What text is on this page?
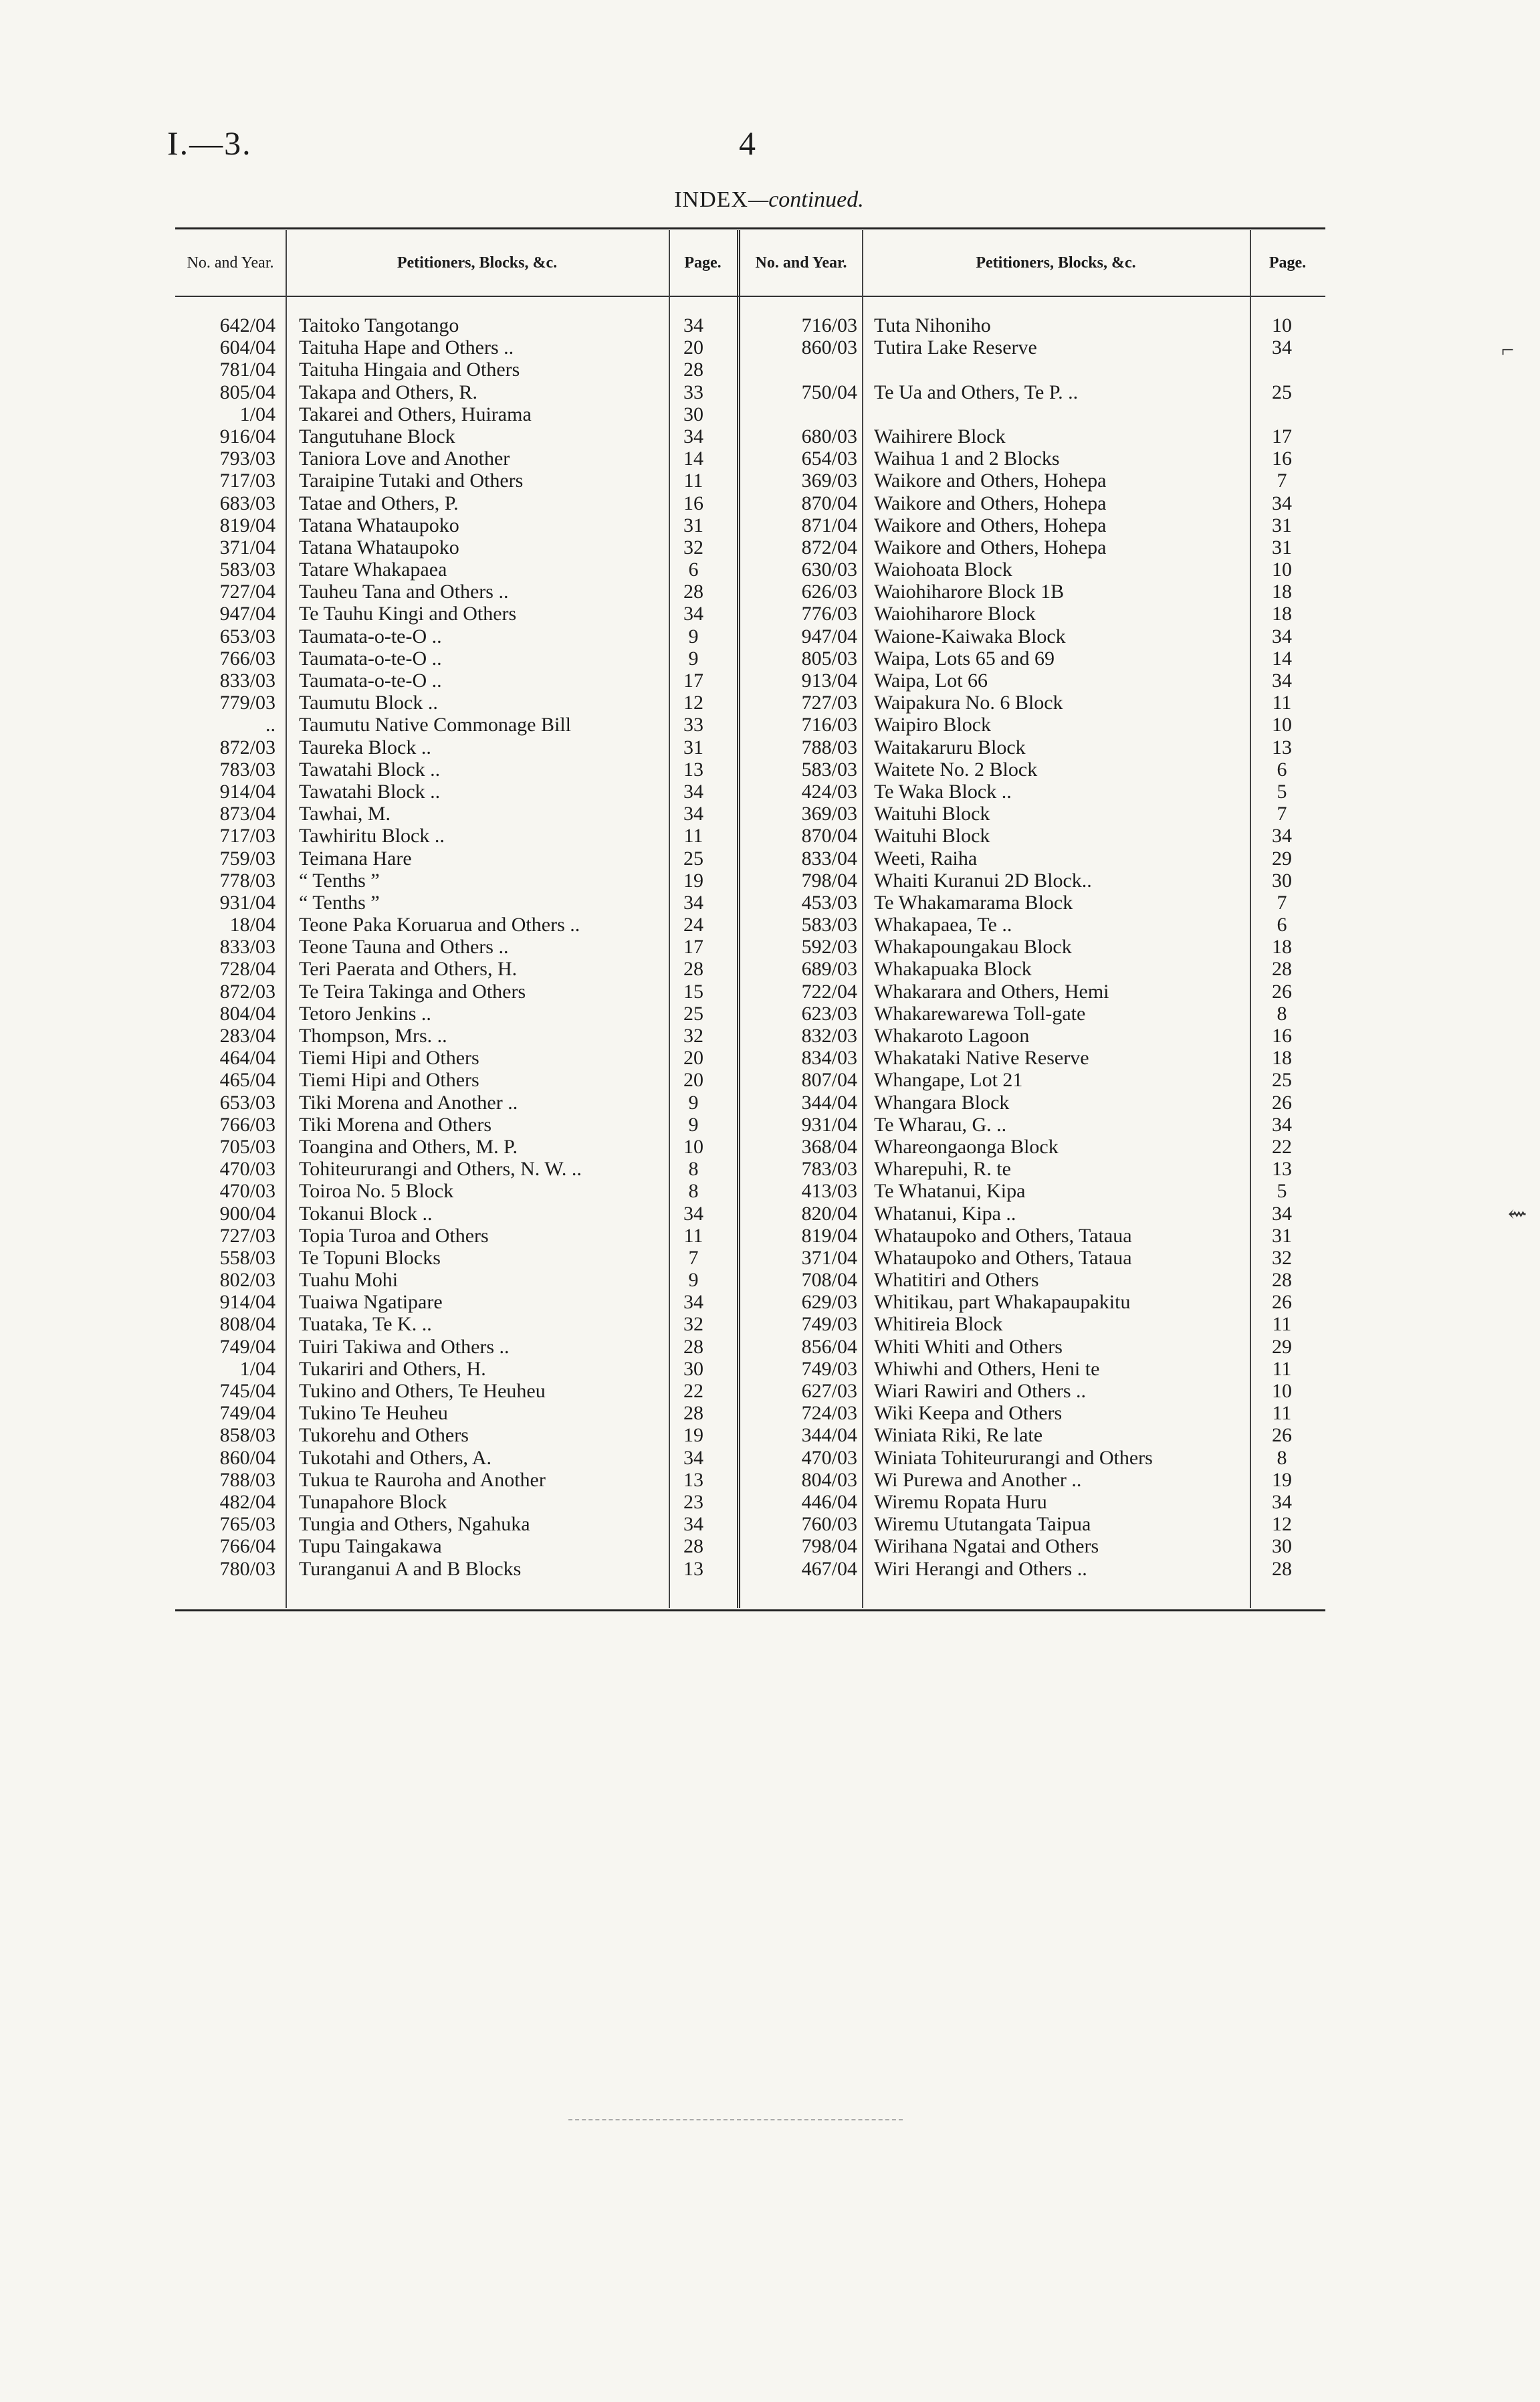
I.—3.	4
INDEX—continued.
No. and Year.	Petitioners, Blocks, &c.	Page.	No. and Year.	Petitioners, Blocks, &c.	Page.
642/04 Taitoko Tangotango	34	716/03 Tuta Nihoniho	10
604/04 Taituha Hape and Others ..	20	860/03 Tutira Lake Reserve	34
781/04 Taituha Hingaia and Others	28
805/04 Takapa and Others, R.	33	750/04 Te Ua and Others, Te P. ..	25
1/04 Takarei and Others, Huirama	30
916/04 Tangutuhane Block	34	680/03 Waihirere Block	17
793/03 Taniora Love and Another	14	654/03 Waihua 1 and 2 Blocks	16
717/03 Taraipine Tutaki and Others	11	369/03 Waikore and Others, Hohepa	7
683/03 Tatae and Others, P.	16	870/04 Waikore and Others, Hohepa	34
819/04 Tatana Whataupoko	31	871/04 Waikore and Others, Hohepa	31
371/04 Tatana Whataupoko	32	872/04 Waikore and Others, Hohepa	31
583/03 Tatare Whakapaea	6	630/03 Waiohoata Block	10
727/04 Tauheu Tana and Others ..	28	626/03 Waiohiharore Block 1B	18
947/04 Te Tauhu Kingi and Others	34	776/03 Waiohiharore Block	18
653/03 Taumata-o-te-O ..	9	947/04 Waione-Kaiwaka Block	34
766/03 Taumata-o-te-O ..	9	805/03 Waipa, Lots 65 and 69	14
833/03 Taumata-o-te-O ..	17	913/04 Waipa, Lot 66	34
779/03 Taumutu Block ..	12	727/03 Waipakura No. 6 Block	11
.. Taumutu Native Commonage Bill	33	716/03 Waipiro Block	10
872/03 Taureka Block ..	31	788/03 Waitakaruru Block	13
783/03 Tawatahi Block ..	13	583/03 Waitete No. 2 Block	6
914/04 Tawatahi Block ..	34	424/03 Te Waka Block ..	5
873/04 Tawhai, M.	34	369/03 Waituhi Block	7
717/03 Tawhiritu Block ..	11	870/04 Waituhi Block	34
759/03 Teimana Hare	25	833/04 Weeti, Raiha	29
778/03 “ Tenths ”	19	798/04 Whaiti Kuranui 2D Block..	30
931/04 “ Tenths ”	34	453/03 Te Whakamarama Block	7
18/04 Teone Paka Koruarua and Others ..	24	583/03 Whakapaea, Te ..	6
833/03 Teone Tauna and Others ..	17	592/03 Whakapoungakau Block	18
728/04 Teri Paerata and Others, H.	28	689/03 Whakapuaka Block	28
872/03 Te Teira Takinga and Others	15	722/04 Whakarara and Others, Hemi	26
804/04 Tetoro Jenkins ..	25	623/03 Whakarewarewa Toll-gate	8
283/04 Thompson, Mrs. ..	32	832/03 Whakaroto Lagoon	16
464/04 Tiemi Hipi and Others	20	834/03 Whakataki Native Reserve	18
465/04 Tiemi Hipi and Others	20	807/04 Whangape, Lot 21	25
653/03 Tiki Morena and Another ..	9	344/04 Whangara Block	26
766/03 Tiki Morena and Others	9	931/04 Te Wharau, G. ..	34
705/03 Toangina and Others, M. P.	10	368/04 Whareongaonga Block	22
470/03 Tohiteururangi and Others, N. W. ..	8	783/03 Wharepuhi, R. te	13
470/03 Toiroa No. 5 Block	8	413/03 Te Whatanui, Kipa	5
900/04 Tokanui Block ..	34	820/04 Whatanui, Kipa ..	34
727/03 Topia Turoa and Others	11	819/04 Whataupoko and Others, Tataua	31
558/03 Te Topuni Blocks	7	371/04 Whataupoko and Others, Tataua	32
802/03 Tuahu Mohi	9	708/04 Whatitiri and Others	28
914/04 Tuaiwa Ngatipare	34	629/03 Whitikau, part Whakapaupakitu	26
808/04 Tuataka, Te K. ..	32	749/03 Whitireia Block	11
749/04 Tuiri Takiwa and Others ..	28	856/04 Whiti Whiti and Others	29
1/04 Tukariri and Others, H.	30	749/03 Whiwhi and Others, Heni te	11
745/04 Tukino and Others, Te Heuheu	22	627/03 Wiari Rawiri and Others ..	10
749/04 Tukino Te Heuheu	28	724/03 Wiki Keepa and Others	11
858/03 Tukorehu and Others	19	344/04 Winiata Riki, Re late	26
860/04 Tukotahi and Others, A.	34	470/03 Winiata Tohiteururangi and Others	8
788/03 Tukua te Rauroha and Another	13	804/03 Wi Purewa and Another ..	19
482/04 Tunapahore Block	23	446/04 Wiremu Ropata Huru	34
765/03 Tungia and Others, Ngahuka	34	760/03 Wiremu Ututangata Taipua	12
766/04 Tupu Taingakawa	28	798/04 Wirihana Ngatai and Others	30
780/03 Turanganui A and B Blocks	13	467/04 Wiri Herangi and Others ..	28
⌐
⇜
